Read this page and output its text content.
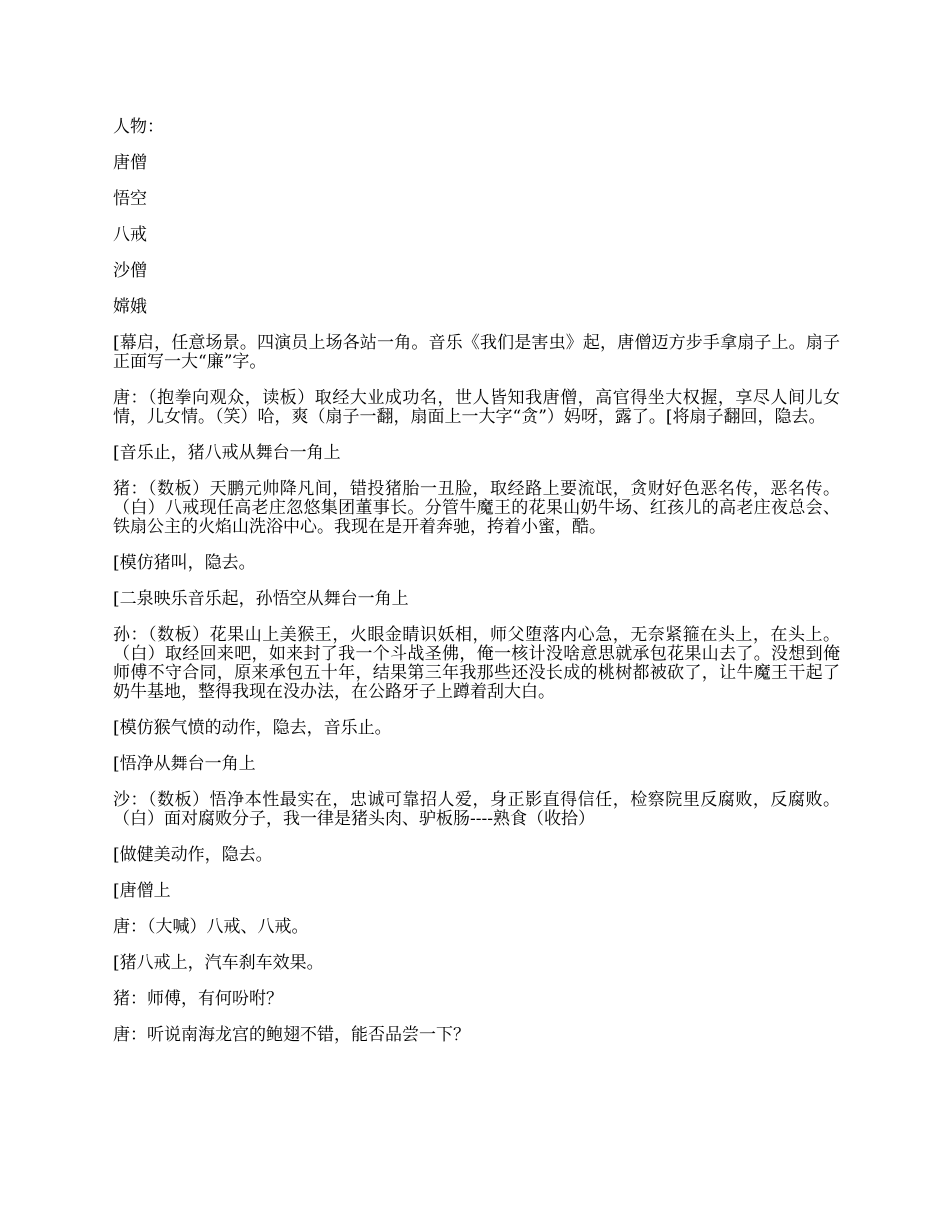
人物：

唐僧

悟空

八戒

沙僧

嫦娥

[幕启，任意场景。四演员上场各站一角。音乐《我们是害虫》起，唐僧迈方步手拿扇子上。扇子正面写一大“廉”字。

唐：（抱拳向观众，读板）取经大业成功名，世人皆知我唐僧，高官得坐大权握，享尽人间儿女情，儿女情。（笑）哈，爽（扇子一翻，扇面上一大字“贪”）妈呀，露了。[将扇子翻回，隐去。

[音乐止，猪八戒从舞台一角上

猪：（数板）天鹏元帅降凡间，错投猪胎一丑脸，取经路上要流氓，贪财好色恶名传，恶名传。（白）八戒现任高老庄忽悠集团董事长。分管牛魔王的花果山奶牛场、红孩儿的高老庄夜总会、铁扇公主的火焰山洗浴中心。我现在是开着奔驰，挎着小蜜，酷。

[模仿猪叫，隐去。

[二泉映乐音乐起，孙悟空从舞台一角上

孙：（数板）花果山上美猴王，火眼金睛识妖相，师父堕落内心急，无奈紧箍在头上，在头上。（白）取经回来吧，如来封了我一个斗战圣佛，俺一核计没啥意思就承包花果山去了。没想到俺师傅不守合同，原来承包五十年，结果第三年我那些还没长成的桃树都被砍了，让牛魔王干起了奶牛基地，整得我现在没办法，在公路牙子上蹲着刮大白。

[模仿猴气愤的动作，隐去，音乐止。

[悟净从舞台一角上

沙：（数板）悟净本性最实在，忠诚可靠招人爱，身正影直得信任，检察院里反腐败，反腐败。（白）面对腐败分子，我一律是猪头肉、驴板肠----熟食（收拾）

[做健美动作，隐去。

[唐僧上

唐：（大喊）八戒、八戒。

[猪八戒上，汽车刹车效果。

猪：师傅，有何吩咐？

唐：听说南海龙宫的鲍翅不错，能否品尝一下？
